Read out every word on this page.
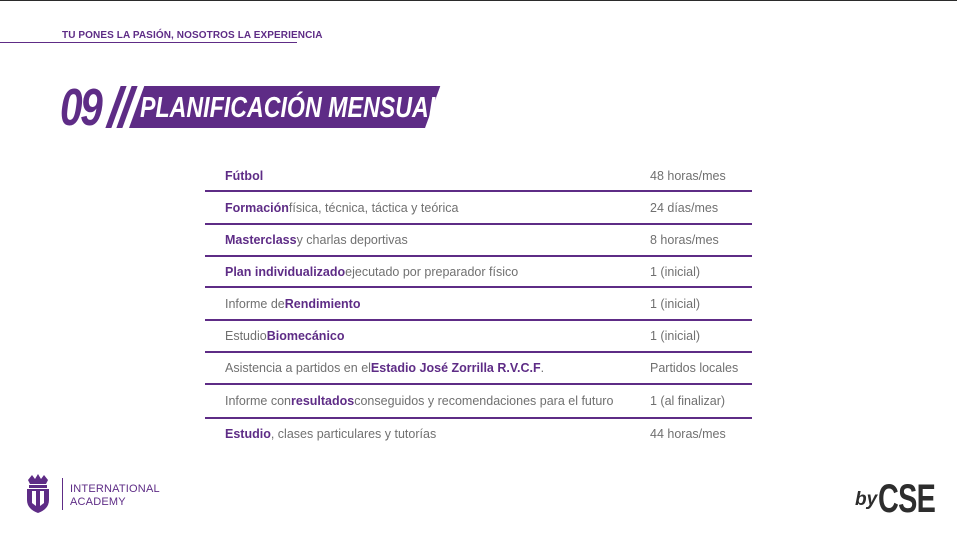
TU PONES LA PASIÓN, NOSOTROS LA EXPERIENCIA
09 PLANIFICACIÓN MENSUAL
Fútbol	48 horas/mes
Formación física, técnica, táctica y teórica	24 días/mes
Masterclass y charlas deportivas	8 horas/mes
Plan individualizado ejecutado por preparador físico	1 (inicial)
Informe de Rendimiento	1 (inicial)
Estudio Biomecánico	1 (inicial)
Asistencia a partidos en el Estadio José Zorrilla R.V.C.F .	Partidos locales
Informe con resultados conseguidos y recomendaciones para el futuro	1 (al finalizar)
Estudio , clases particulares y tutorías	44 horas/mes
INTERNATIONAL
ACADEMY	by CSE
